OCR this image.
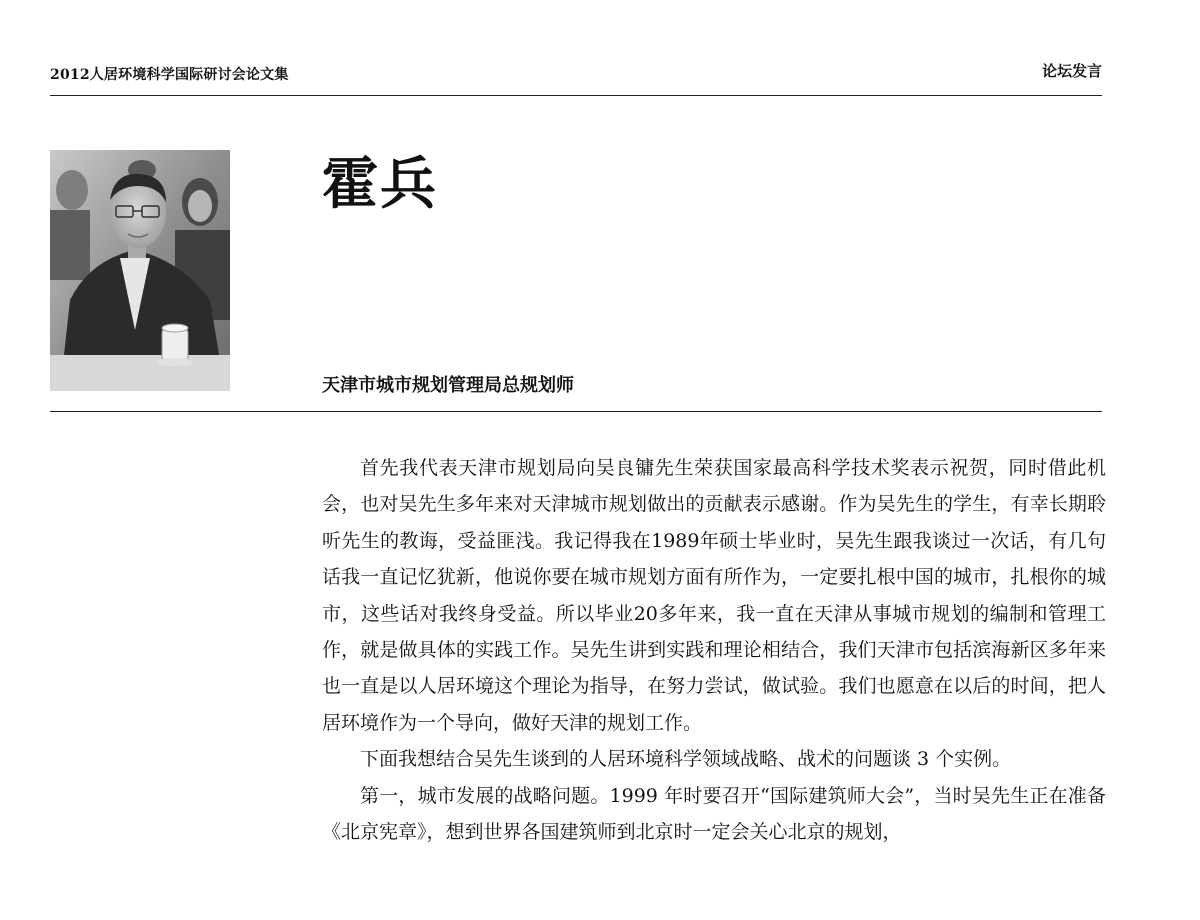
2012人居环境科学国际研讨会论文集	论坛发言
霍兵
天津市城市规划管理局总规划师

首先我代表天津市规划局向吴良镛先生荣获国家最高科学技术奖表示祝贺，同时借此机会，也对吴先生多年来对天津城市规划做出的贡献表示感谢。作为吴先生的学生，有幸长期聆听先生的教诲，受益匪浅。我记得我在1989年硕士毕业时，吴先生跟我谈过一次话，有几句话我一直记忆犹新，他说你要在城市规划方面有所作为，一定要扎根中国的城市，扎根你的城市，这些话对我终身受益。所以毕业20多年来，我一直在天津从事城市规划的编制和管理工作，就是做具体的实践工作。吴先生讲到实践和理论相结合，我们天津市包括滨海新区多年来也一直是以人居环境这个理论为指导，在努力尝试，做试验。我们也愿意在以后的时间，把人居环境作为一个导向，做好天津的规划工作。

下面我想结合吴先生谈到的人居环境科学领域战略、战术的问题谈 3 个实例。

第一，城市发展的战略问题。1999 年时要召开“国际建筑师大会”，当时吴先生正在准备《北京宪章》，想到世界各国建筑师到北京时一定会关心北京的规划，
